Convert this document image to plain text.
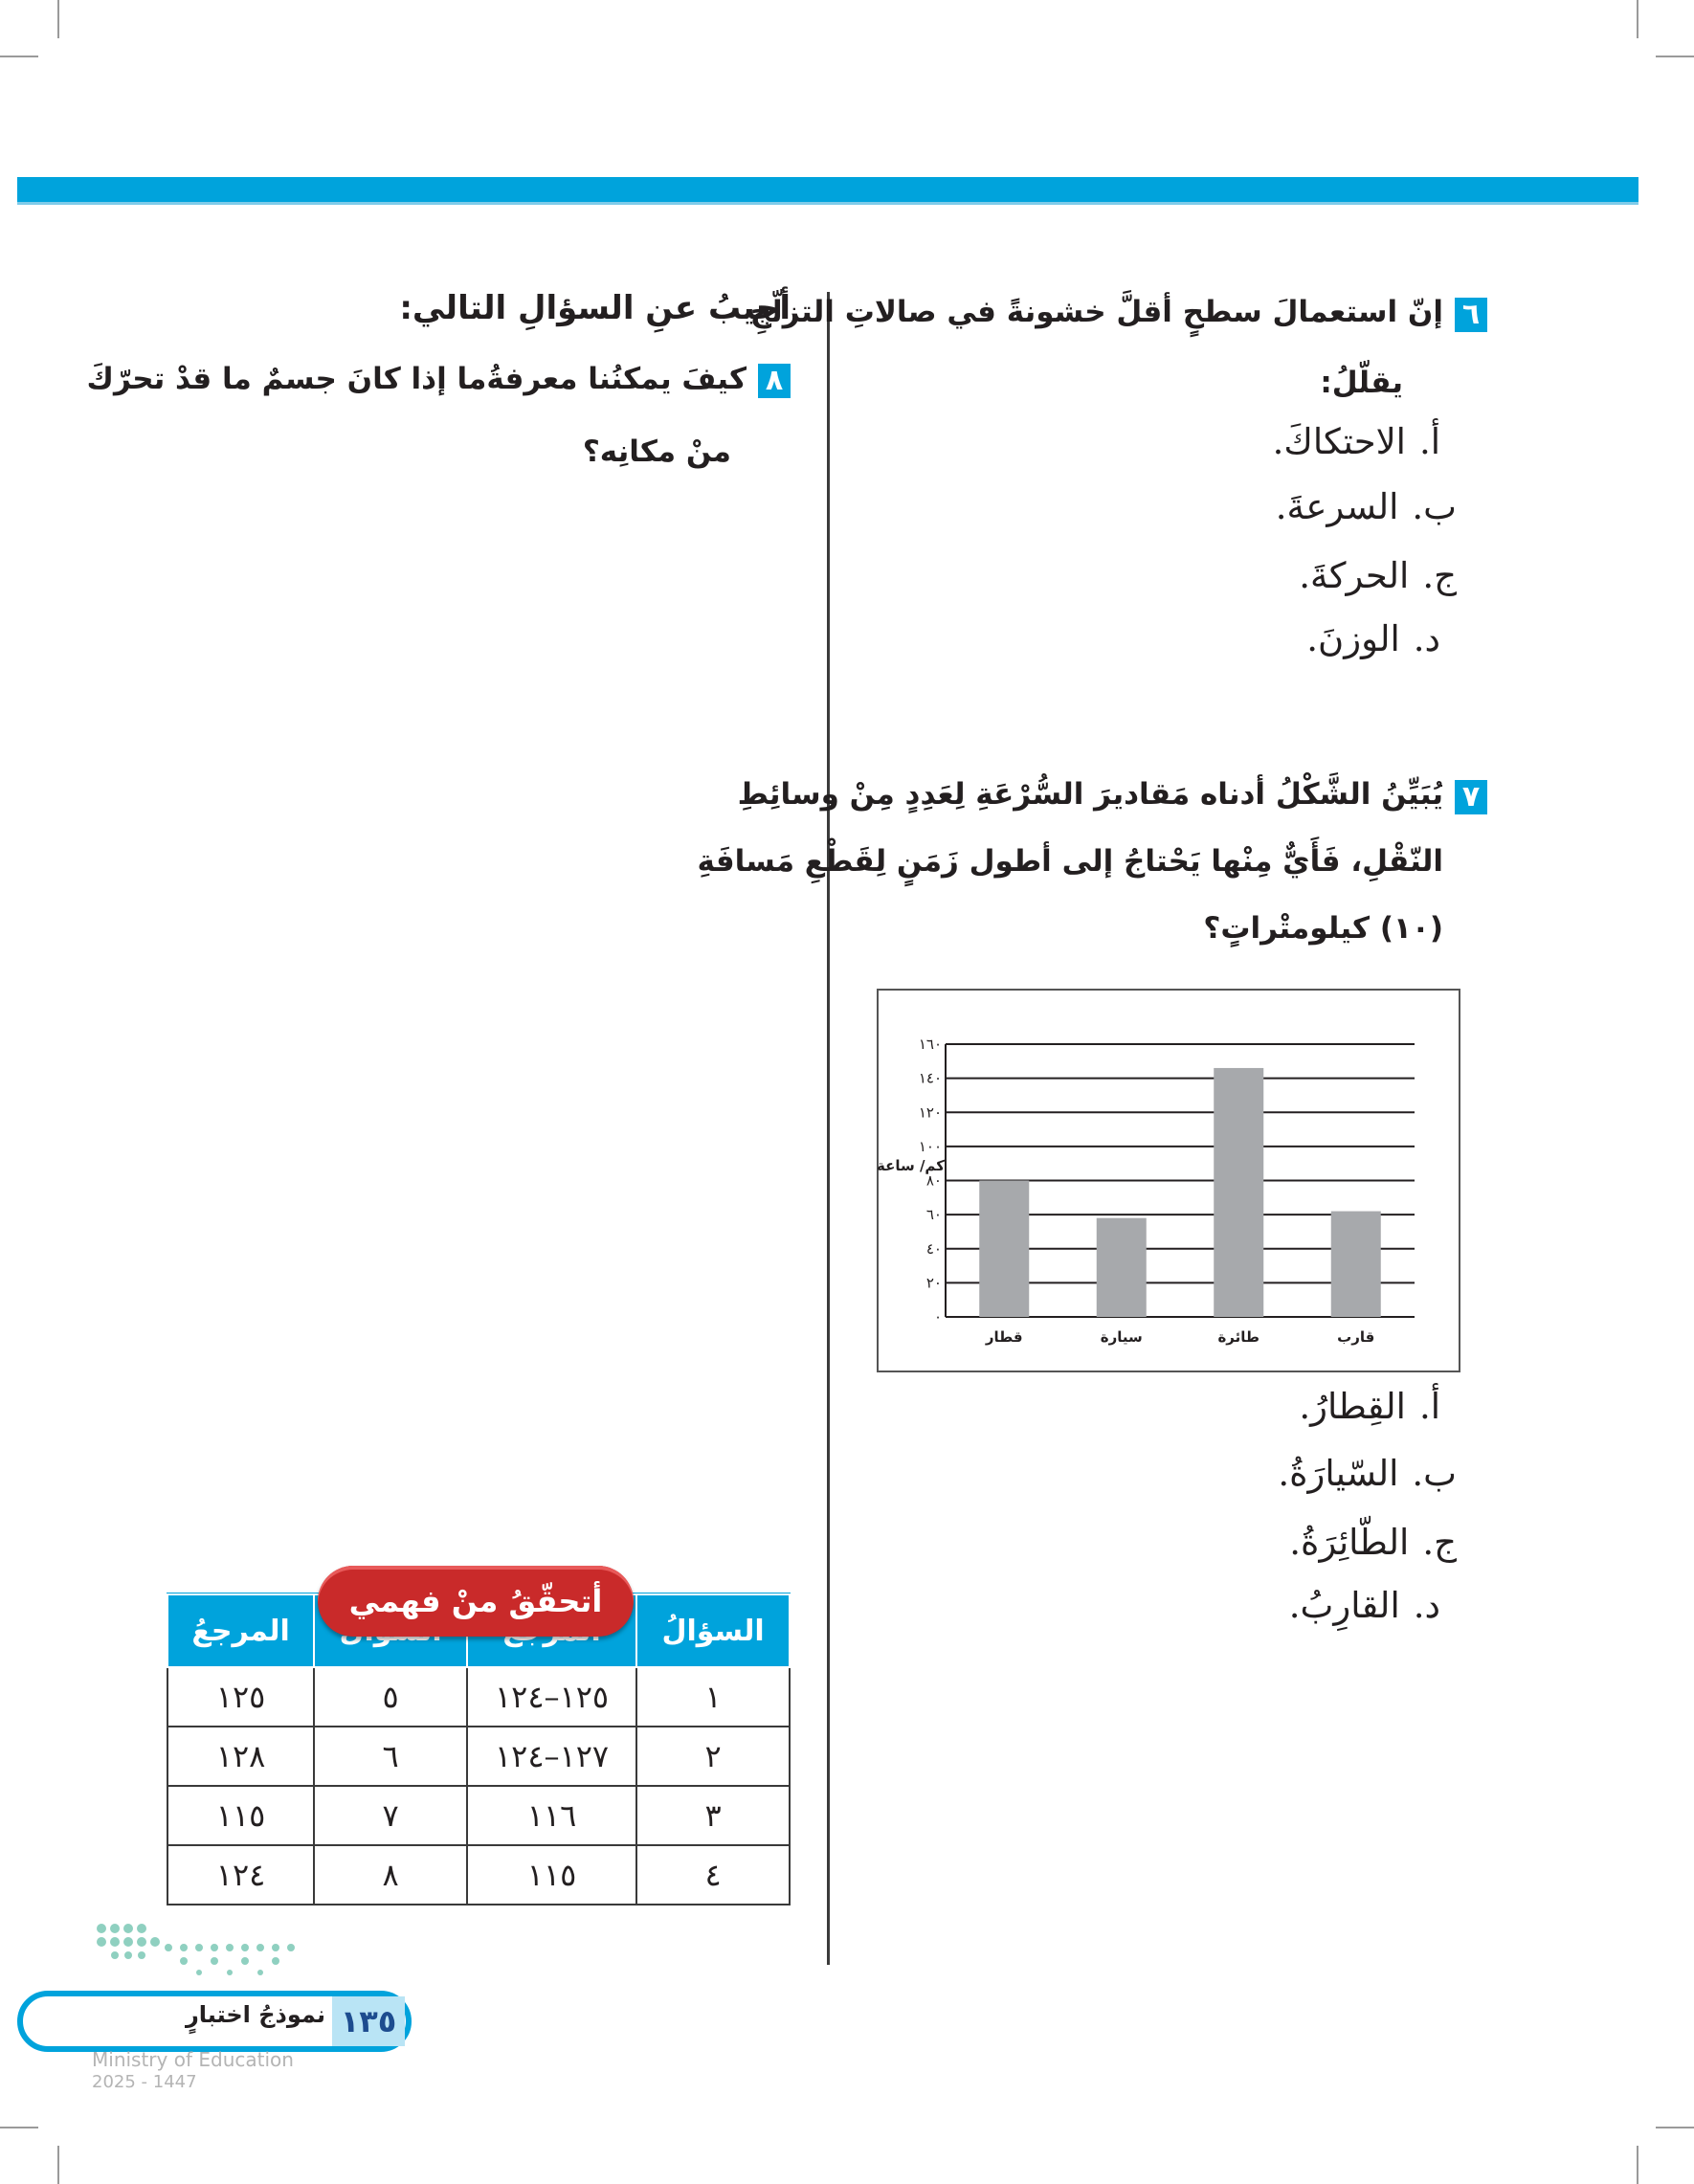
٦
إنّ استعمالَ سطحٍ أقلَّ خشونةً في صالاتِ التزلّجِ
يقلّلُ:
أ.الاحتكاكَ.
ب.السرعةَ.
ج.الحركةَ.
د.الوزنَ.
٧
يُبَيِّنُ الشَّكْلُ أدناه مَقاديرَ السُّرْعَةِ لِعَدِدٍ مِنْ وسائِطِ
النّقْلِ، فَأَيٌّ مِنْها يَحْتاجُ إلى أطول زَمَنٍ لِقَطْعِ مَسافَةِ
(١٠) كيلومتْراتٍ؟
٠
٢٠
٤٠
٦٠
٨٠
١٠٠
١٢٠
١٤٠
١٦٠
قطار	سيارة	طائرة	قارب
كم/ ساعة
أ.القِطارُ.
ب.السّيارَةُ.
ج.الطّائِرَةُ.
د.القارِبُ.
أجيبُ عنِ السؤالِ التالي:
٨
كيفَ يمكنُنا معرفةُما إذا كانَ جسمٌ ما قدْ تحرّكَ
منْ مكانِه؟
السؤالُ			المرجعُ
١	١٢٥–١٢٤	٥	١٢٥
٢	١٢٧–١٢٤	٦	١٢٨
٣	١١٦	٧	١١٥
٤	١١٥	٨	١٢٤
أتحقّقُ منْ فهمي
١٣٥
نموذجُ اختبارٍ
Ministry of Education
2025 - 1447
